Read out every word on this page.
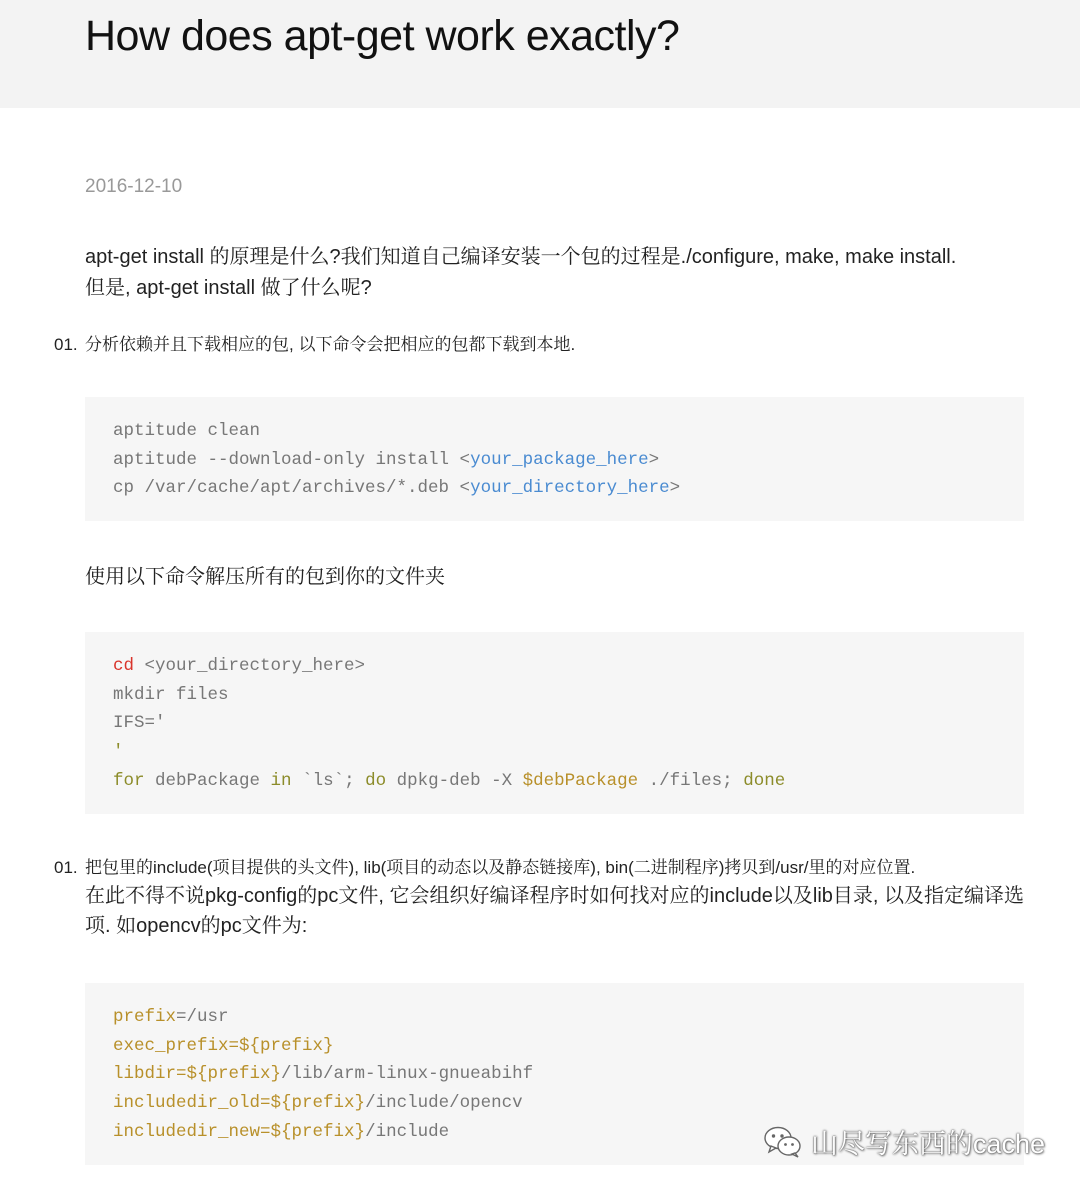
How does apt-get work exactly?
2016-12-10
apt-get install 的原理是什么?我们知道自己编译安装一个包的过程是./configure, make, make install.
但是, apt-get install 做了什么呢?
01. 分析依赖并且下载相应的包, 以下命令会把相应的包都下载到本地.
aptitude clean
aptitude --download-only install <your_package_here>
cp /var/cache/apt/archives/*.deb <your_directory_here>
使用以下命令解压所有的包到你的文件夹
cd <your_directory_here>
mkdir files
IFS='
'
for debPackage in `ls`; do dpkg-deb -X $debPackage ./files; done
01. 把包里的include(项目提供的头文件), lib(项目的动态以及静态链接库), bin(二进制程序)拷贝到/usr/里的对应位置.
在此不得不说pkg-config的pc文件, 它会组织好编译程序时如何找对应的include以及lib目录, 以及指定编译选项. 如opencv的pc文件为:
prefix=/usr
exec_prefix=${prefix}
libdir=${prefix}/lib/arm-linux-gnueabihf
includedir_old=${prefix}/include/opencv
includedir_new=${prefix}/include	山尽写东西的cache
